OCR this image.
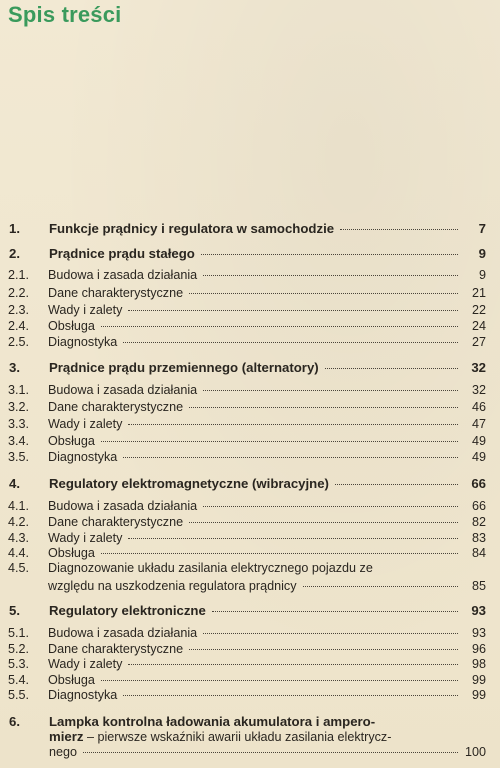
Spis treści
1.	Funkcje prądnicy i regulatora w samochodzie	7
2.	Prądnice prądu stałego	9
2.1.	Budowa i zasada działania	9
2.2.	Dane charakterystyczne	21
2.3.	Wady i zalety	22
2.4.	Obsługa	24
2.5.	Diagnostyka	27
3.	Prądnice prądu przemiennego (alternatory)	32
3.1.	Budowa i zasada działania	32
3.2.	Dane charakterystyczne	46
3.3.	Wady i zalety	47
3.4.	Obsługa	49
3.5.	Diagnostyka	49
4.	Regulatory elektromagnetyczne (wibracyjne)	66
4.1.	Budowa i zasada działania	66
4.2.	Dane charakterystyczne	82
4.3.	Wady i zalety	83
4.4.	Obsługa	84
4.5.	Diagnozowanie układu zasilania elektrycznego pojazdu ze
względu na uszkodzenia regulatora prądnicy	85
5.	Regulatory elektroniczne	93
5.1.	Budowa i zasada działania	93
5.2.	Dane charakterystyczne	96
5.3.	Wady i zalety	98
5.4.	Obsługa	99
5.5.	Diagnostyka	99
6.	Lampka kontrolna ładowania akumulatora i ampero-
mierz – pierwsze wskaźniki awarii układu zasilania elektrycz-
nego	100
